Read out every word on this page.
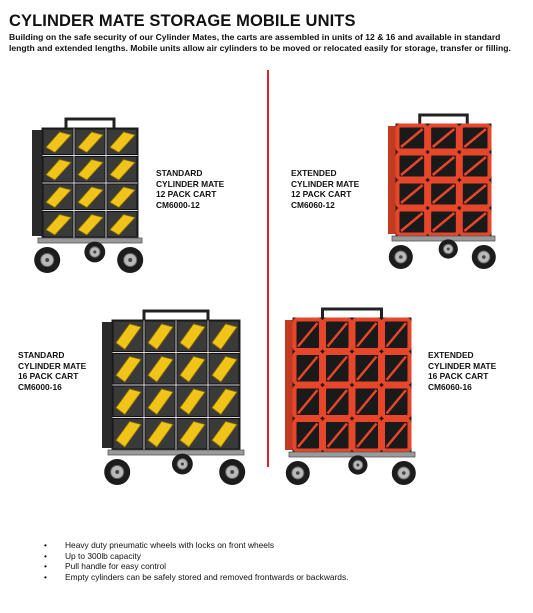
CYLINDER MATE STORAGE MOBILE UNITS
Building on the safe security of our Cylinder Mates, the carts are assembled in units of 12 & 16 and available in standard length and extended lengths. Mobile units allow air cylinders to be moved or relocated easily for storage, transfer or filling.
STANDARD
CYLINDER MATE
12 PACK CART
CM6000-12
EXTENDED
CYLINDER MATE
12 PACK CART
CM6060-12
STANDARD
CYLINDER MATE
16 PACK CART
CM6000-16
EXTENDED
CYLINDER MATE
16 PACK CART
CM6060-16
• Heavy duty pneumatic wheels with locks on front wheels
• Up to 300lb capacity
• Pull handle for easy control
• Empty cylinders can be safely stored and removed frontwards or backwards.
